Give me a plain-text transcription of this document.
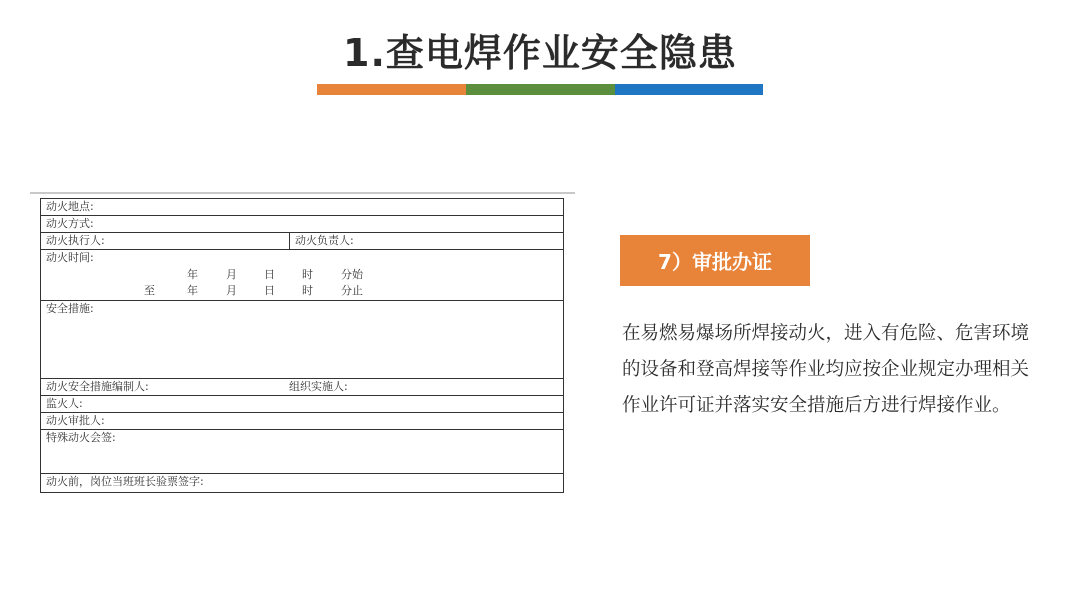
1.查电焊作业安全隐患
动火地点:
动火方式:
动火执行人:	动火负责人:
动火时间:
年	月 日 时	分始
至	年	月 日 时	分止
安全措施:
动火安全措施编制人:	组织实施人:
监火人:
动火审批人:
特殊动火会签:
动火前，岗位当班班长验票签字:
7）审批办证
在易燃易爆场所焊接动火，进入有危险、危害环境的设备和登高焊接等作业均应按企业规定办理相关作业许可证并落实安全措施后方进行焊接作业。
